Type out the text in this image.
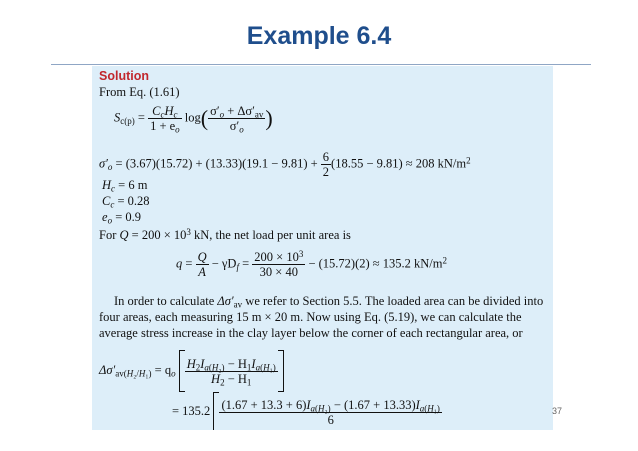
Example 6.4
Solution
From Eq. (1.61)
$S_{c(p)} = \frac{C_cH_c}{1 + e_o} \log( \frac{\sigma'_o + \Delta\sigma'_{av}}{\sigma'_o}$ )
$\sigma'_o = (3.67)(15.72) + (13.33)(19.1 - 9.81) + \frac{6}{2} (18.55 - 9.81) \approx 208$ $kN/m^2$
$H_c = 6$ m
$C_c = 0.28$
$e_o = 0.9$
For $Q = 200 \times 10^3$ kN, the net load per unit area is
$q = \frac{Q}{A} - \gamma D_f = \frac{200 \times 10^3}{30 \times 40} - (15.72)(2) \approx 135.2$ $kN/m^2$
In order to calculate $\Delta\sigma'_{av}$ we refer to Section 5.5. The loaded area can be divided into
four areas, each measuring 15 m × 20 m. Now using Eq. (5.19), we can calculate the
average stress increase in the clay layer below the corner of each rectangular area, or
$\Delta\sigma'_{av(H_2/H_1)} = q_o \frac{H_2I_{a(H_2)} - H_1I_{a(H_1)}}{H_2 - H_1}$
= $135.2 \frac{(1.67 + 13.3 + 6)I_{a(H_2)} - (1.67 + 13.33)I_{a(H_1)}}{6}$	37
